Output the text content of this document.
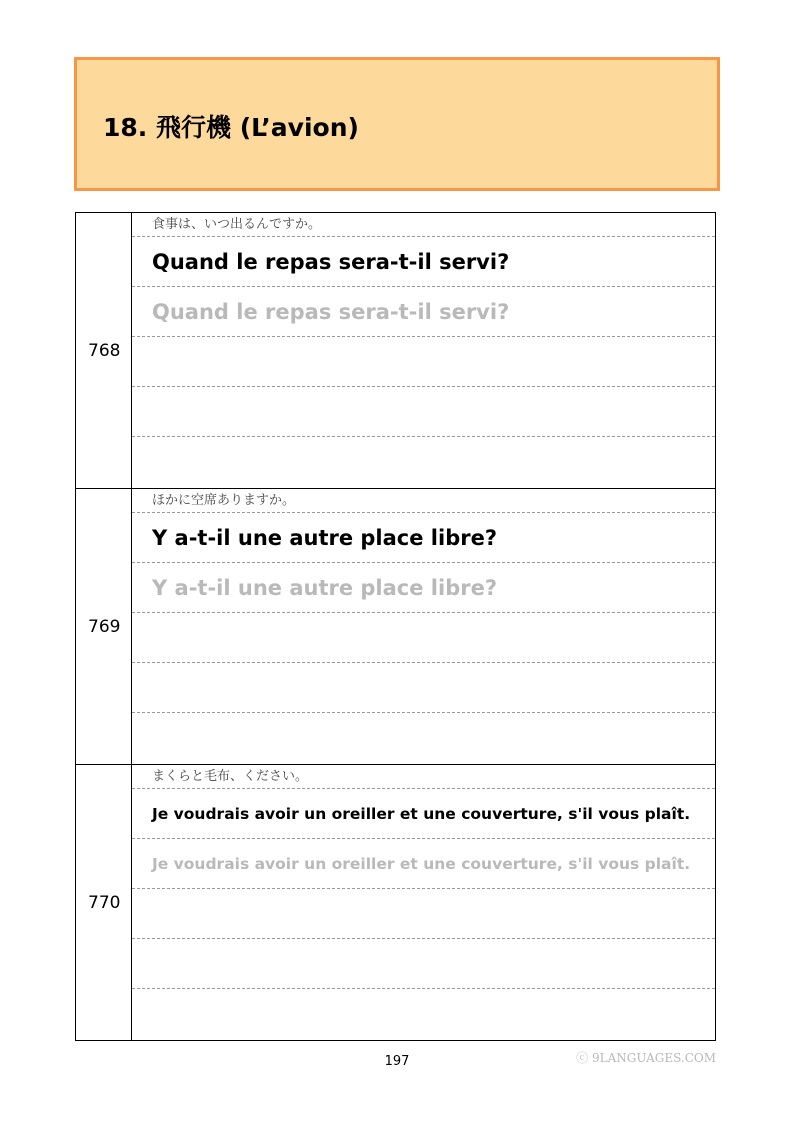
18. 飛行機 (L’avion)
768
食事は、いつ出るんですか。
Quand le repas sera-t-il servi?
Quand le repas sera-t-il servi?
769
ほかに空席ありますか。
Y a-t-il une autre place libre?
Y a-t-il une autre place libre?
770
まくらと毛布、ください。
Je voudrais avoir un oreiller et une couverture, s'il vous plaît.
Je voudrais avoir un oreiller et une couverture, s'il vous plaît.
197	ⓒ 9LANGUAGES.COM
